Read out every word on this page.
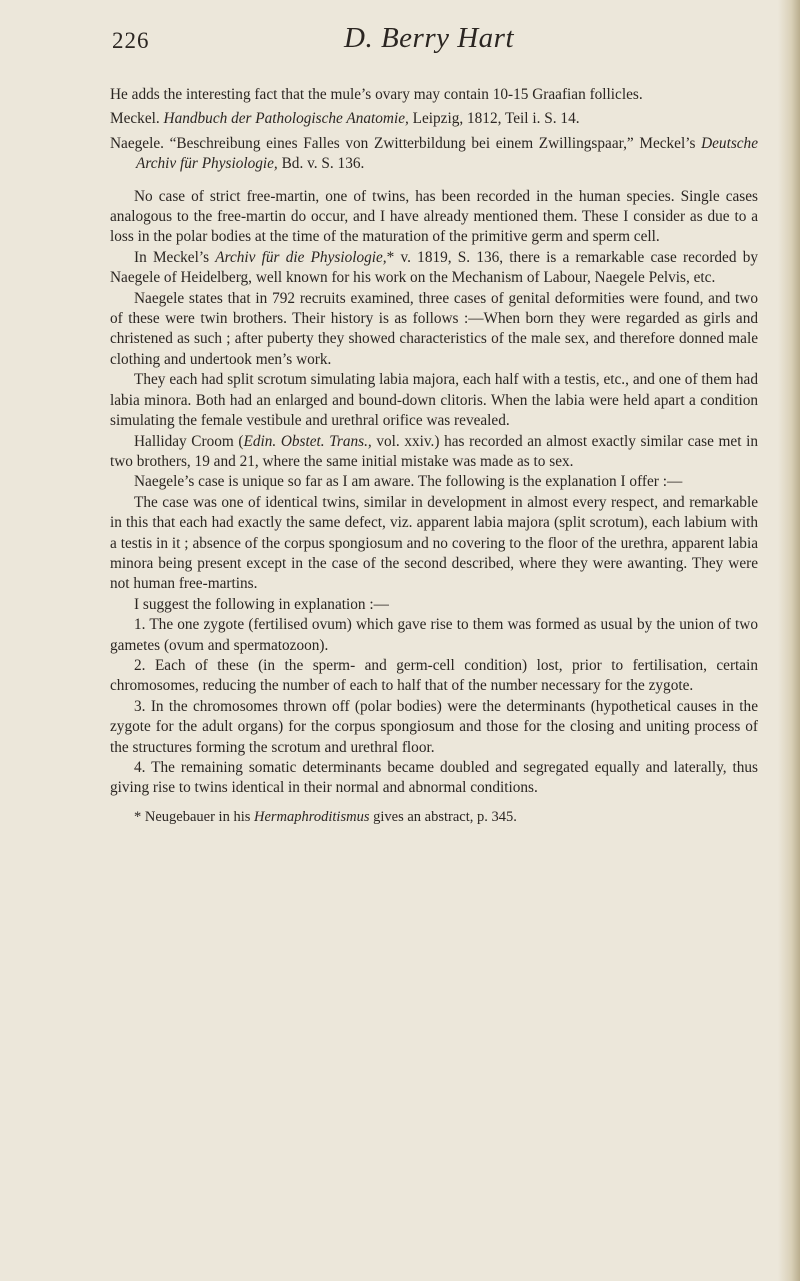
226	D. Berry Hart

He adds the interesting fact that the mule’s ovary may contain 10-15 Graafian follicles.

Meckel. Handbuch der Pathologische Anatomie, Leipzig, 1812, Teil i. S. 14.

Naegele. “Beschreibung eines Falles von Zwitterbildung bei einem Zwillingspaar,” Meckel’s Deutsche Archiv für Physiologie, Bd. v. S. 136.

No case of strict free-martin, one of twins, has been recorded in the human species. Single cases analogous to the free-martin do occur, and I have already mentioned them. These I consider as due to a loss in the polar bodies at the time of the maturation of the primitive germ and sperm cell.

In Meckel’s Archiv für die Physiologie,* v. 1819, S. 136, there is a remarkable case recorded by Naegele of Heidelberg, well known for his work on the Mechanism of Labour, Naegele Pelvis, etc.

Naegele states that in 792 recruits examined, three cases of genital deformities were found, and two of these were twin brothers. Their history is as follows :—When born they were regarded as girls and christened as such ; after puberty they showed characteristics of the male sex, and therefore donned male clothing and undertook men’s work.

They each had split scrotum simulating labia majora, each half with a testis, etc., and one of them had labia minora. Both had an enlarged and bound-down clitoris. When the labia were held apart a condition simulating the female vestibule and urethral orifice was revealed.

Halliday Croom (Edin. Obstet. Trans., vol. xxiv.) has recorded an almost exactly similar case met in two brothers, 19 and 21, where the same initial mistake was made as to sex.

Naegele’s case is unique so far as I am aware. The following is the explanation I offer :—

The case was one of identical twins, similar in development in almost every respect, and remarkable in this that each had exactly the same defect, viz. apparent labia majora (split scrotum), each labium with a testis in it ; absence of the corpus spongiosum and no covering to the floor of the urethra, apparent labia minora being present except in the case of the second described, where they were awanting. They were not human free-martins.

I suggest the following in explanation :—

1. The one zygote (fertilised ovum) which gave rise to them was formed as usual by the union of two gametes (ovum and spermatozoon).

2. Each of these (in the sperm- and germ-cell condition) lost, prior to fertilisation, certain chromosomes, reducing the number of each to half that of the number necessary for the zygote.

3. In the chromosomes thrown off (polar bodies) were the determinants (hypothetical causes in the zygote for the adult organs) for the corpus spongiosum and those for the closing and uniting process of the structures forming the scrotum and urethral floor.

4. The remaining somatic determinants became doubled and segregated equally and laterally, thus giving rise to twins identical in their normal and abnormal conditions.

* Neugebauer in his Hermaphroditismus gives an abstract, p. 345.
